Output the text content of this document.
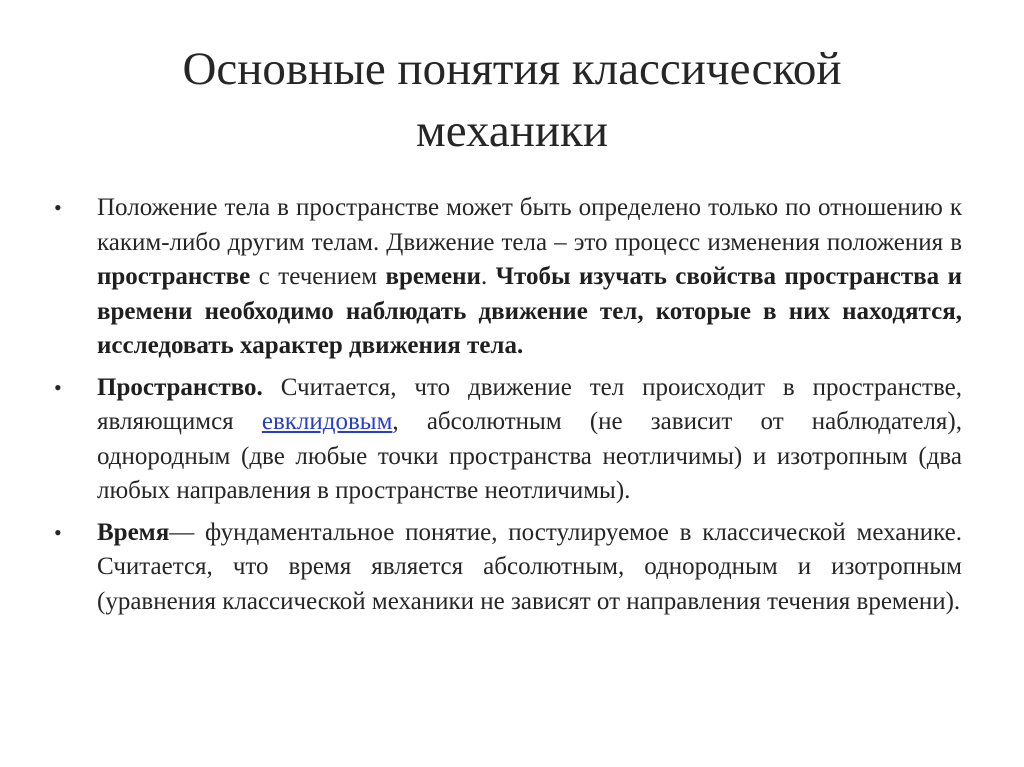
Основные понятия классической
механики
• Положение тела в пространстве может быть определено только по отношению к каким-либо другим телам. Движение тела – это процесс изменения положения в пространстве с течением времени. Чтобы изучать свойства пространства и времени необходимо наблюдать движение тел, которые в них находятся, исследовать характер движения тела.
• Пространство. Считается, что движение тел происходит в пространстве, являющимся евклидовым, абсолютным (не зависит от наблюдателя), однородным (две любые точки пространства неотличимы) и изотропным (два любых направления в пространстве неотличимы).
• Время— фундаментальное понятие, постулируемое в классической механике. Считается, что время является абсолютным, однородным и изотропным (уравнения классической механики не зависят от направления течения времени).
